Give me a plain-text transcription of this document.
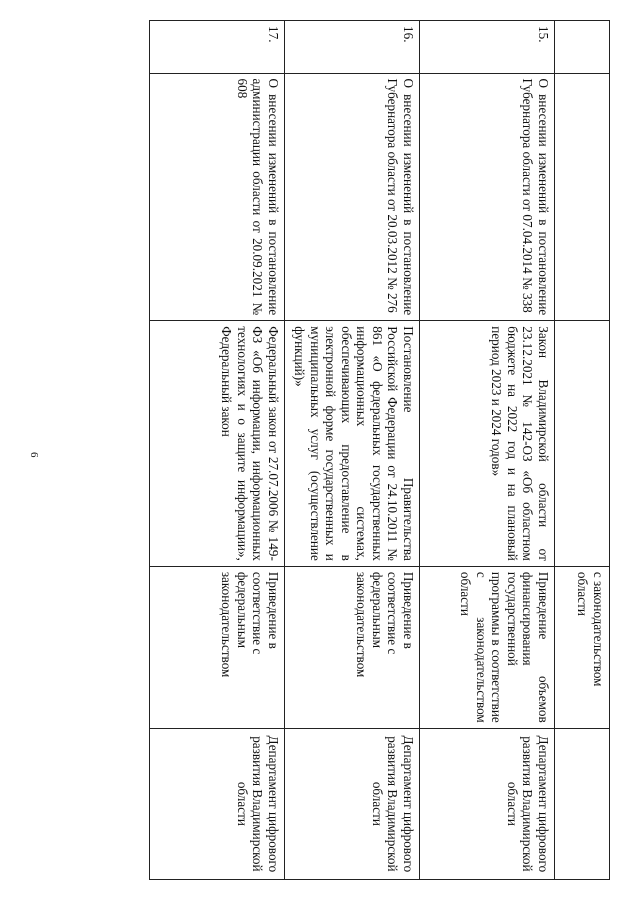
6
			с законодательством области	
15.	О внесении изменений в постановление Губернатора области от 07.04.2014 № 338	Закон Владимирской области от 23.12.2021 № 142-ОЗ «Об областном бюджете на 2022 год и на плановый период 2023 и 2024 годов»	Приведение объемов финансирования государственной программы в соответствие с законодательством области	Департамент цифрового развития Владимирской области
16.	О внесении изменений в постановление Губернатора области от 20.03.2012 № 276	Постановление Правительства Российской Федерации от 24.10.2011 № 861 «О федеральных государственных информационных системах, обеспечивающих предоставление в электронной форме государственных и муниципальных услуг (осуществление функций)»	Приведение в соответствие с федеральным законодательством	Департамент цифрового развития Владимирской области
17.	О внесении изменений в постановление администрации области от 20.09.2021 № 608	Федеральный закон от 27.07.2006 № 149-ФЗ «Об информации, информационных технологиях и о защите информации», Федеральный закон	Приведение в соответствие с федеральным законодательством	Департамент цифрового развития Владимирской области
